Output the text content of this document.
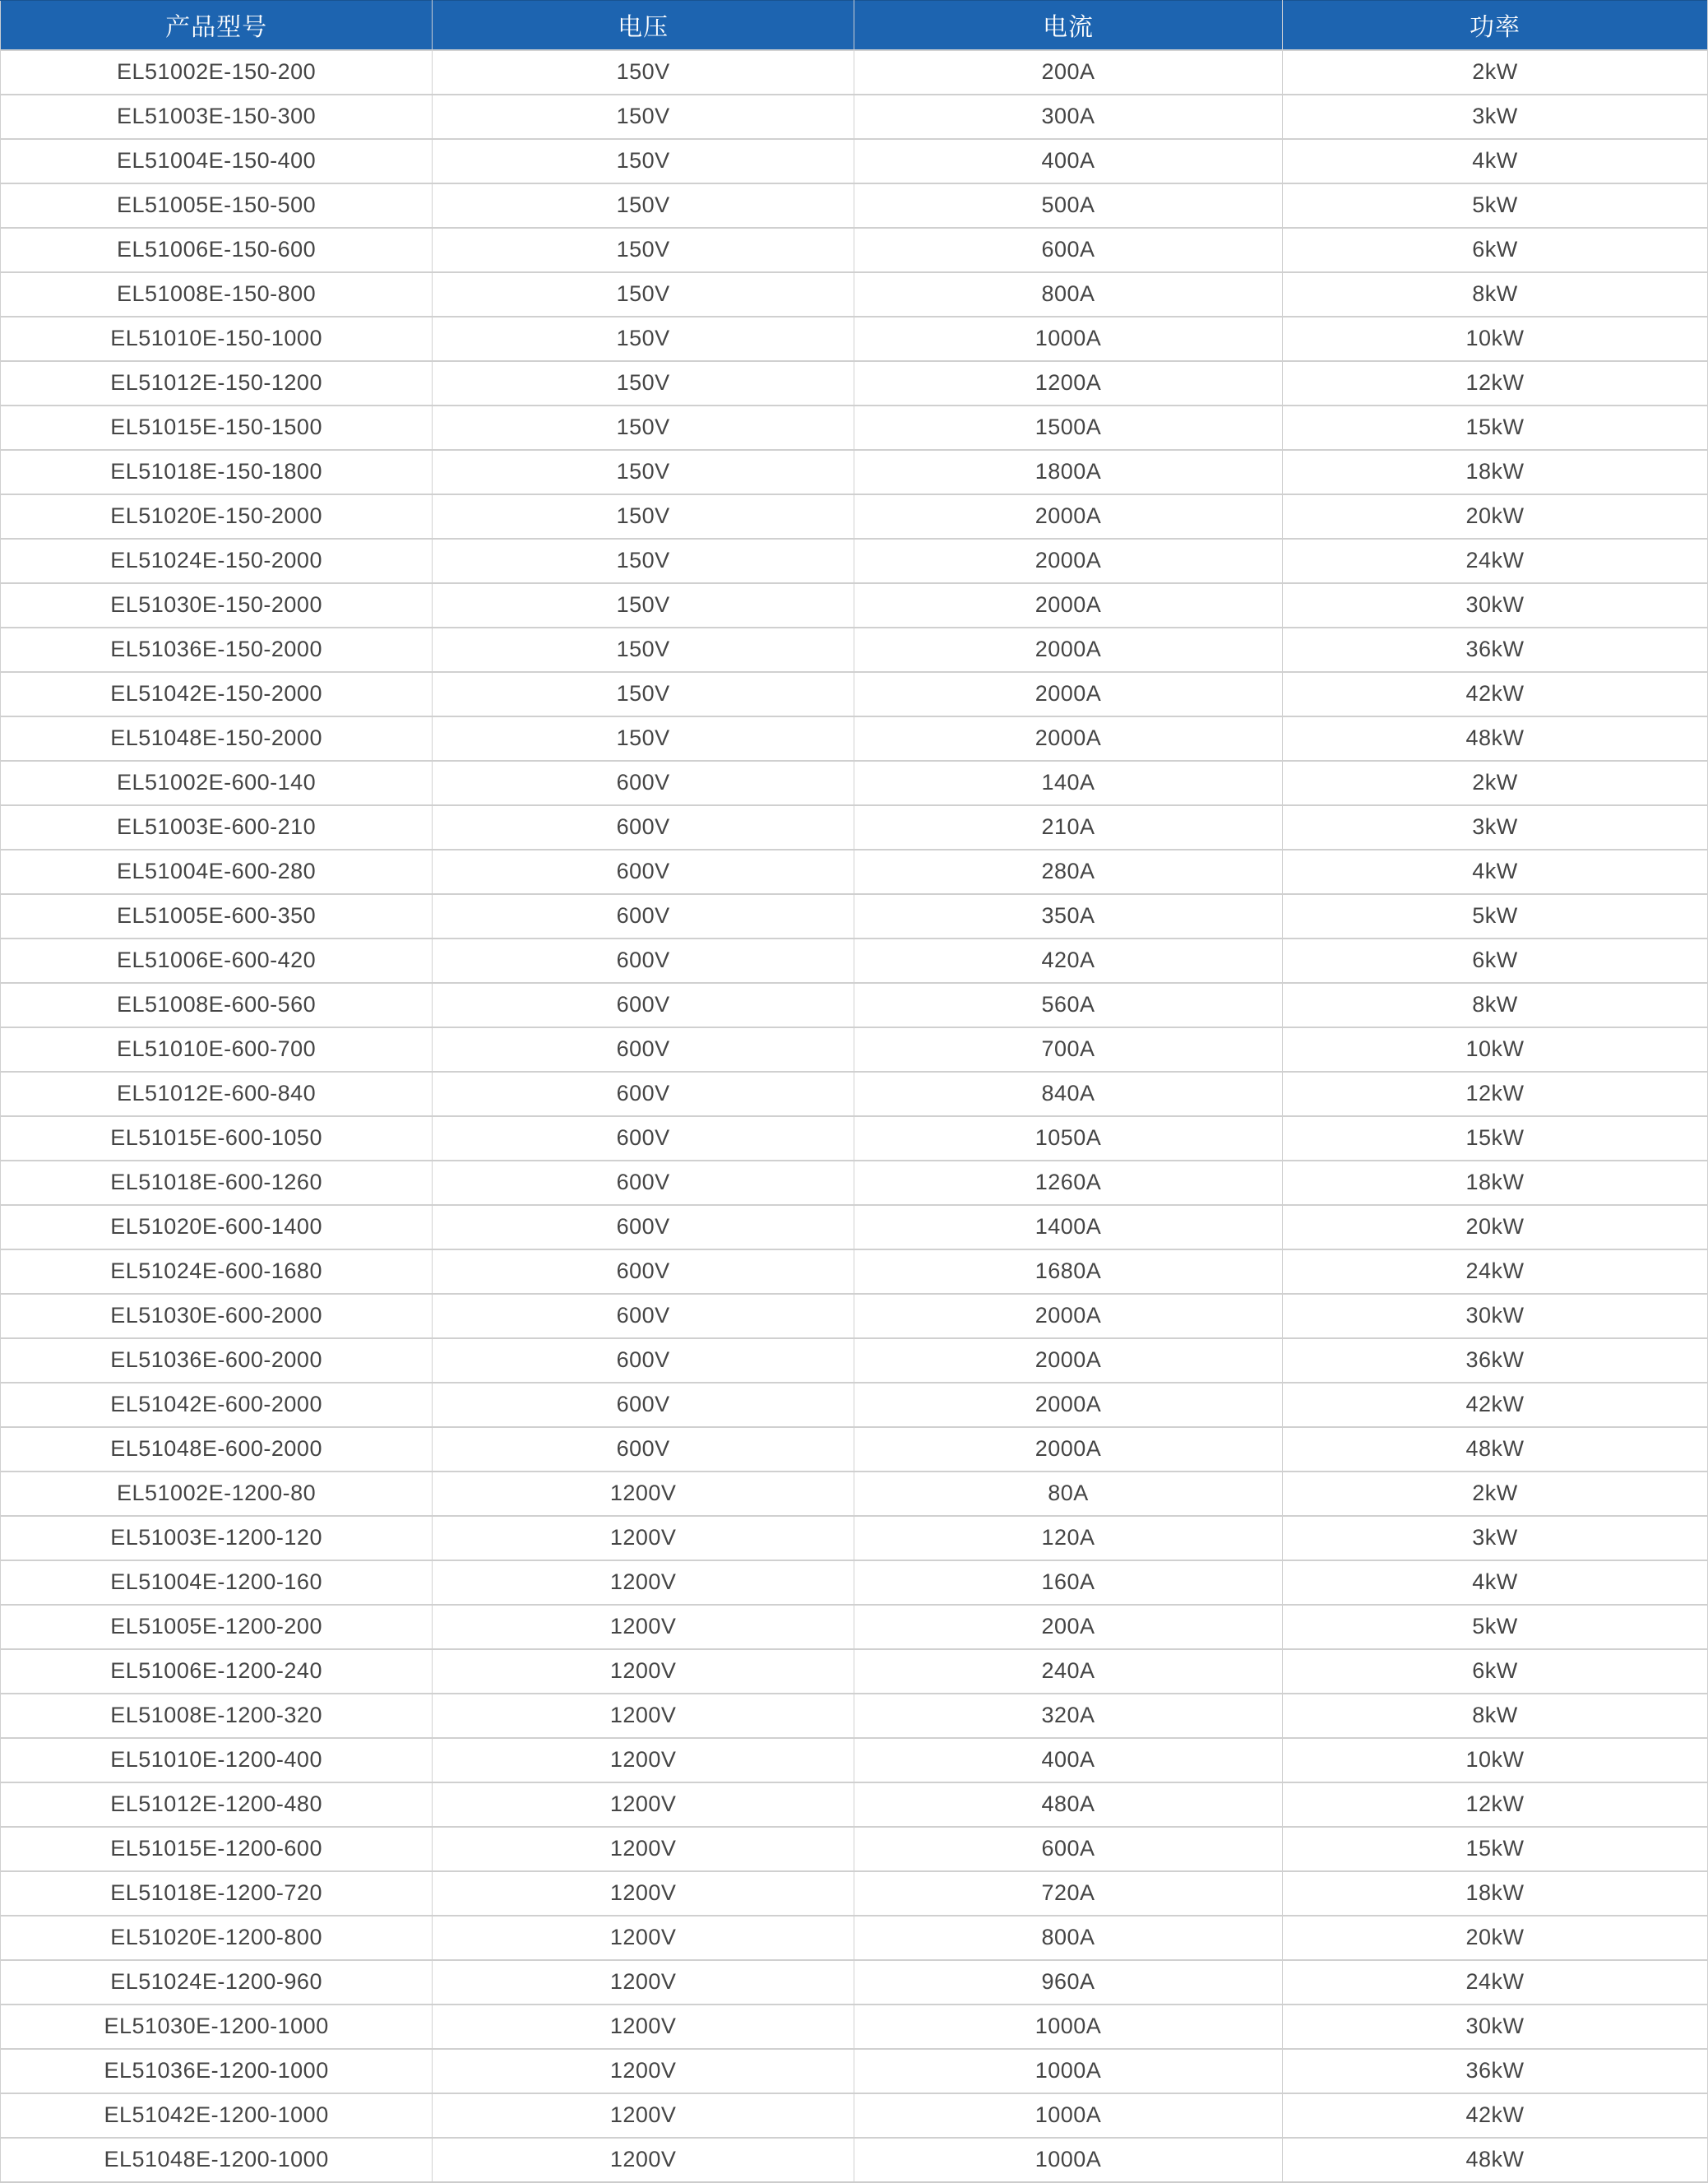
产品型号	电压	电流	功率
EL51002E-150-200	150V	200A	2kW
EL51003E-150-300	150V	300A	3kW
EL51004E-150-400	150V	400A	4kW
EL51005E-150-500	150V	500A	5kW
EL51006E-150-600	150V	600A	6kW
EL51008E-150-800	150V	800A	8kW
EL51010E-150-1000	150V	1000A	10kW
EL51012E-150-1200	150V	1200A	12kW
EL51015E-150-1500	150V	1500A	15kW
EL51018E-150-1800	150V	1800A	18kW
EL51020E-150-2000	150V	2000A	20kW
EL51024E-150-2000	150V	2000A	24kW
EL51030E-150-2000	150V	2000A	30kW
EL51036E-150-2000	150V	2000A	36kW
EL51042E-150-2000	150V	2000A	42kW
EL51048E-150-2000	150V	2000A	48kW
EL51002E-600-140	600V	140A	2kW
EL51003E-600-210	600V	210A	3kW
EL51004E-600-280	600V	280A	4kW
EL51005E-600-350	600V	350A	5kW
EL51006E-600-420	600V	420A	6kW
EL51008E-600-560	600V	560A	8kW
EL51010E-600-700	600V	700A	10kW
EL51012E-600-840	600V	840A	12kW
EL51015E-600-1050	600V	1050A	15kW
EL51018E-600-1260	600V	1260A	18kW
EL51020E-600-1400	600V	1400A	20kW
EL51024E-600-1680	600V	1680A	24kW
EL51030E-600-2000	600V	2000A	30kW
EL51036E-600-2000	600V	2000A	36kW
EL51042E-600-2000	600V	2000A	42kW
EL51048E-600-2000	600V	2000A	48kW
EL51002E-1200-80	1200V	80A	2kW
EL51003E-1200-120	1200V	120A	3kW
EL51004E-1200-160	1200V	160A	4kW
EL51005E-1200-200	1200V	200A	5kW
EL51006E-1200-240	1200V	240A	6kW
EL51008E-1200-320	1200V	320A	8kW
EL51010E-1200-400	1200V	400A	10kW
EL51012E-1200-480	1200V	480A	12kW
EL51015E-1200-600	1200V	600A	15kW
EL51018E-1200-720	1200V	720A	18kW
EL51020E-1200-800	1200V	800A	20kW
EL51024E-1200-960	1200V	960A	24kW
EL51030E-1200-1000	1200V	1000A	30kW
EL51036E-1200-1000	1200V	1000A	36kW
EL51042E-1200-1000	1200V	1000A	42kW
EL51048E-1200-1000	1200V	1000A	48kW
